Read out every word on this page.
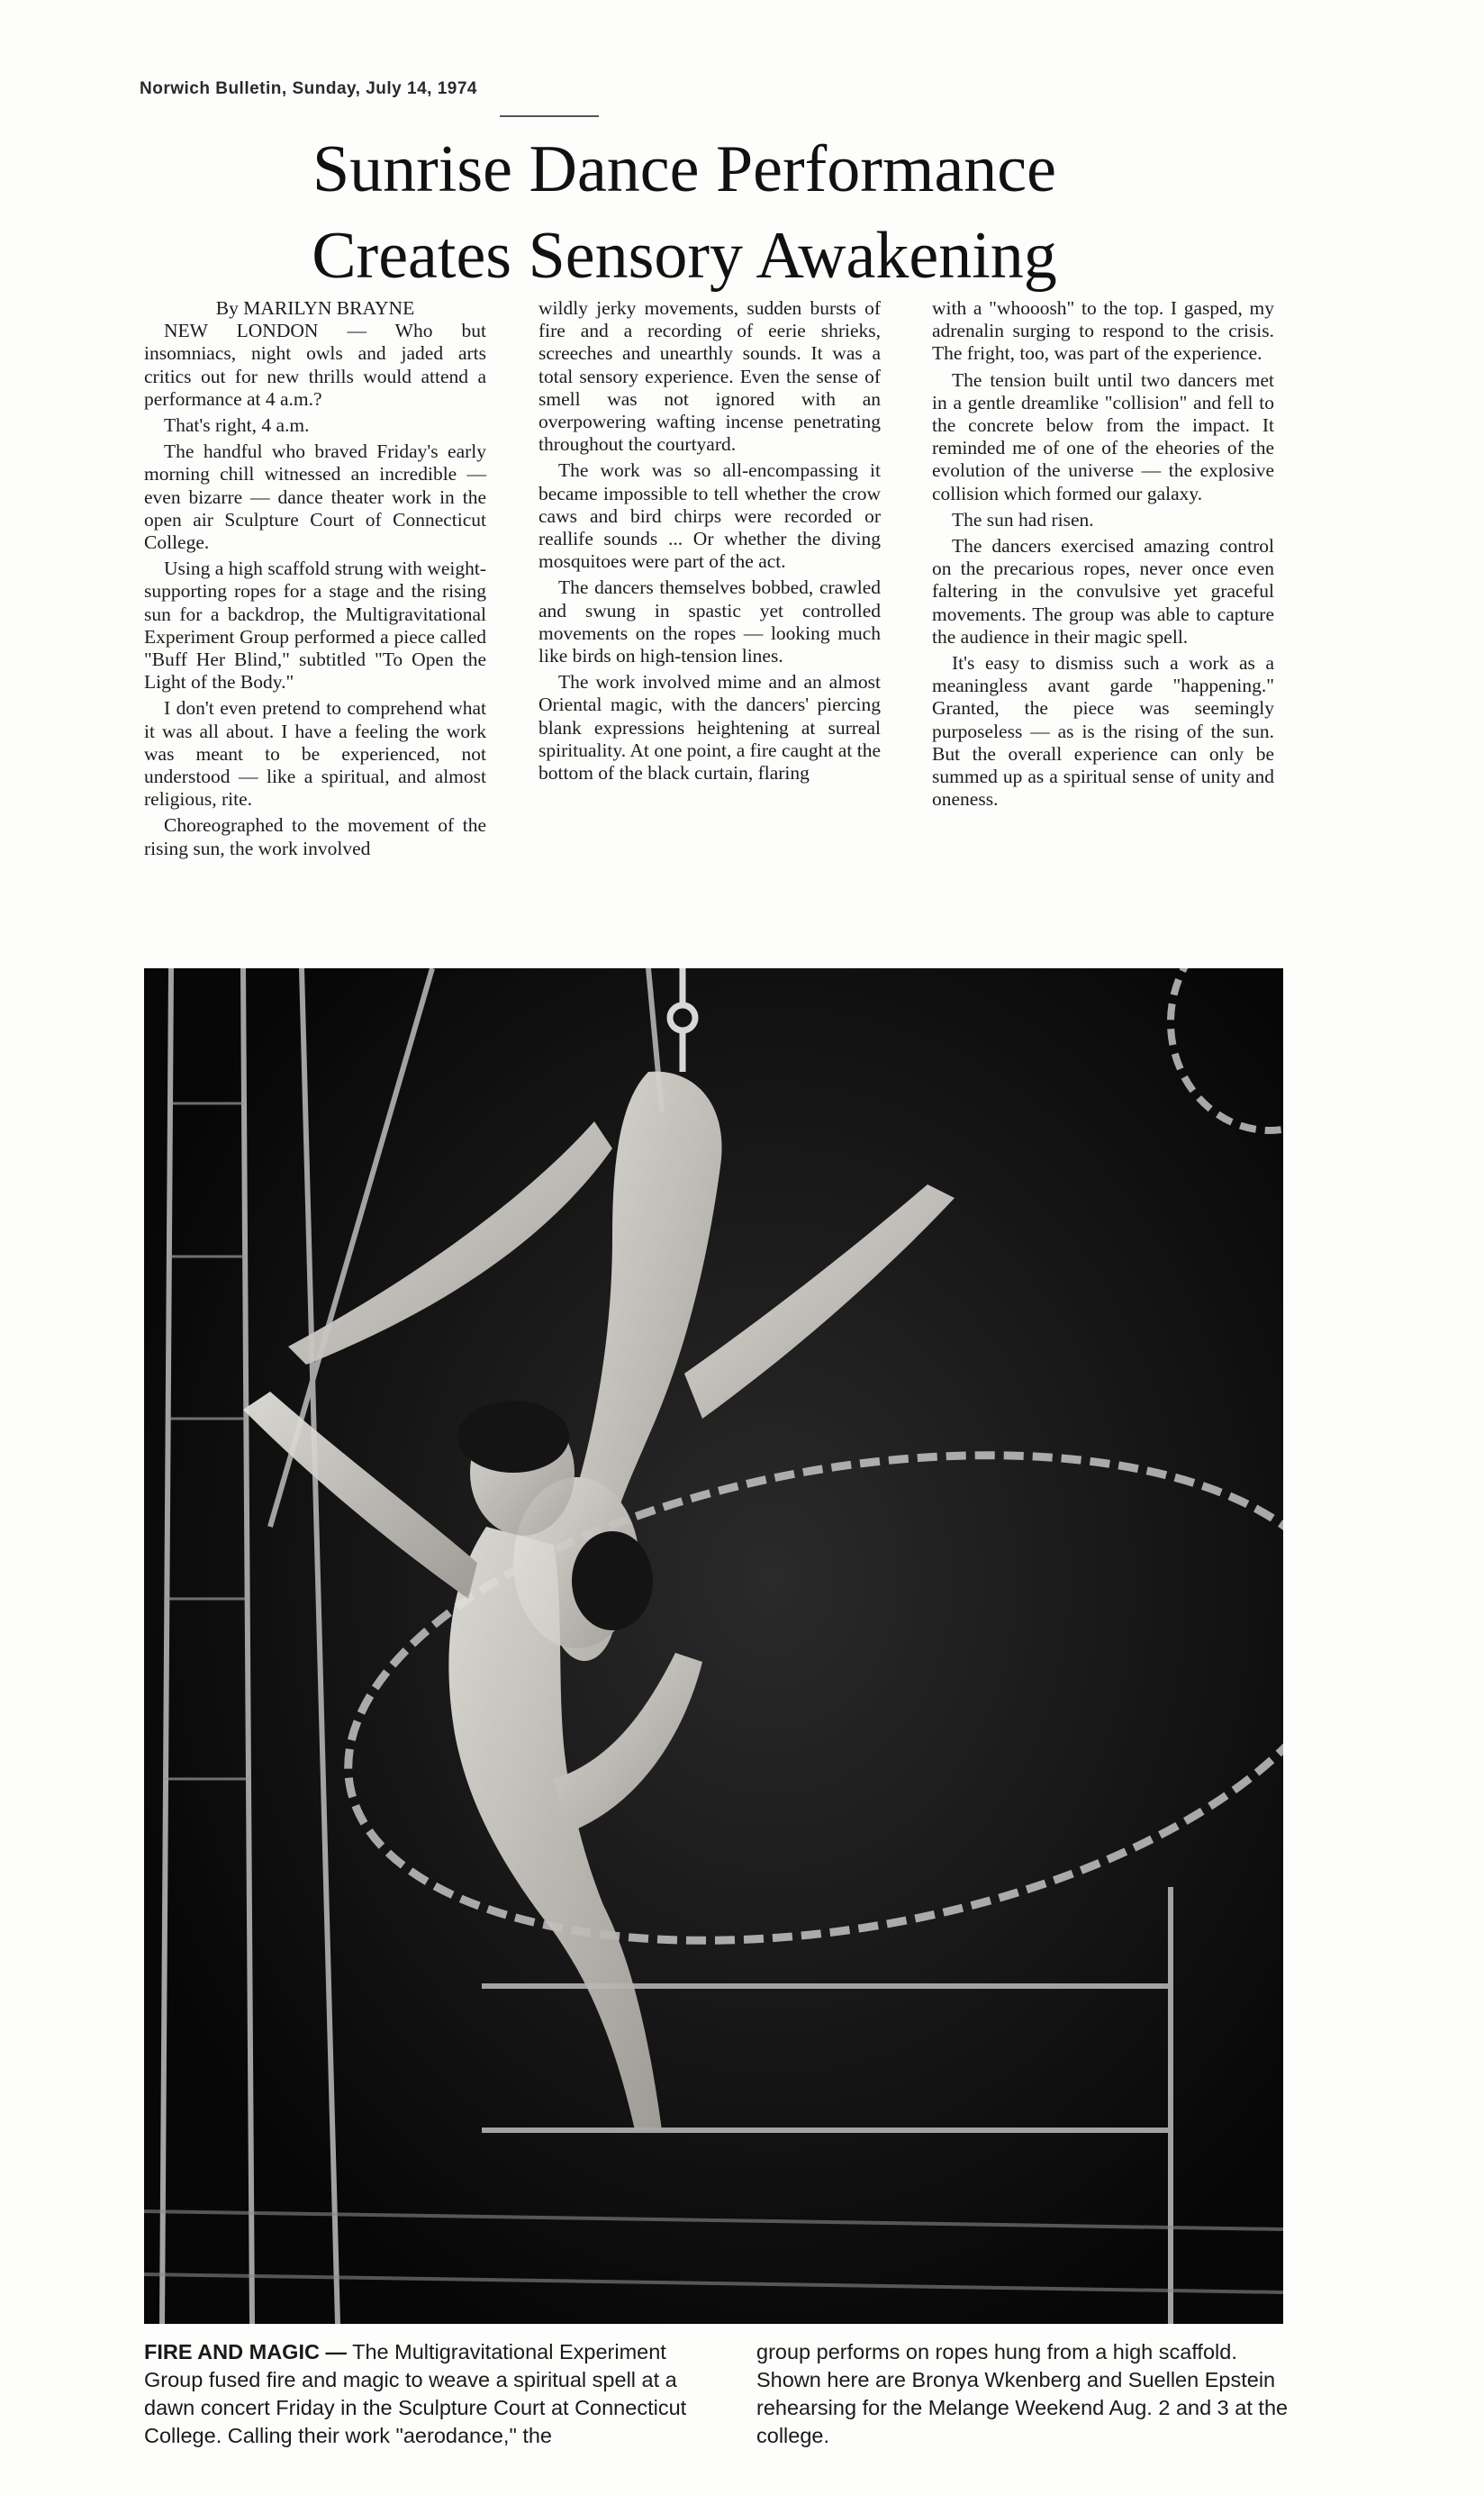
Norwich Bulletin, Sunday, July 14, 1974
Sunrise Dance Performance
Creates Sensory Awakening

By MARILYN BRAYNE

NEW LONDON — Who but insomniacs, night owls and jaded arts critics out for new thrills would attend a performance at 4 a.m.?

That's right, 4 a.m.

The handful who braved Friday's early morning chill witnessed an incredible — even bizarre — dance theater work in the open air Sculpture Court of Connecticut College.

Using a high scaffold strung with weight-supporting ropes for a stage and the rising sun for a backdrop, the Multigravitational Experiment Group performed a piece called "Buff Her Blind," subtitled "To Open the Light of the Body."

I don't even pretend to comprehend what it was all about. I have a feeling the work was meant to be experienced, not understood — like a spiritual, and almost religious, rite.

Choreographed to the movement of the rising sun, the work involved

wildly jerky movements, sudden bursts of fire and a recording of eerie shrieks, screeches and unearthly sounds. It was a total sensory experience. Even the sense of smell was not ignored with an overpowering wafting incense penetrating throughout the courtyard.

The work was so all-encompassing it became impossible to tell whether the crow caws and bird chirps were recorded or reallife sounds ... Or whether the diving mosquitoes were part of the act.

The dancers themselves bobbed, crawled and swung in spastic yet controlled movements on the ropes — looking much like birds on high-tension lines.

The work involved mime and an almost Oriental magic, with the dancers' piercing blank expressions heightening at surreal spirituality. At one point, a fire caught at the bottom of the black curtain, flaring

with a "whooosh" to the top. I gasped, my adrenalin surging to respond to the crisis. The fright, too, was part of the experience.

The tension built until two dancers met in a gentle dreamlike "collision" and fell to the concrete below from the impact. It reminded me of one of the eheories of the evolution of the universe — the explosive collision which formed our galaxy.

The sun had risen.

The dancers exercised amazing control on the precarious ropes, never once even faltering in the convulsive yet graceful movements. The group was able to capture the audience in their magic spell.

It's easy to dismiss such a work as a meaningless avant garde "happening." Granted, the piece was seemingly purposeless — as is the rising of the sun. But the overall experience can only be summed up as a spiritual sense of unity and oneness.

FIRE AND MAGIC — The Multigravitational Experiment Group fused fire and magic to weave a spiritual spell at a dawn concert Friday in the Sculpture Court at Connecticut College. Calling their work "aerodance," the
group performs on ropes hung from a high scaffold. Shown here are Bronya Wkenberg and Suellen Epstein rehearsing for the Melange Weekend Aug. 2 and 3 at the college.
